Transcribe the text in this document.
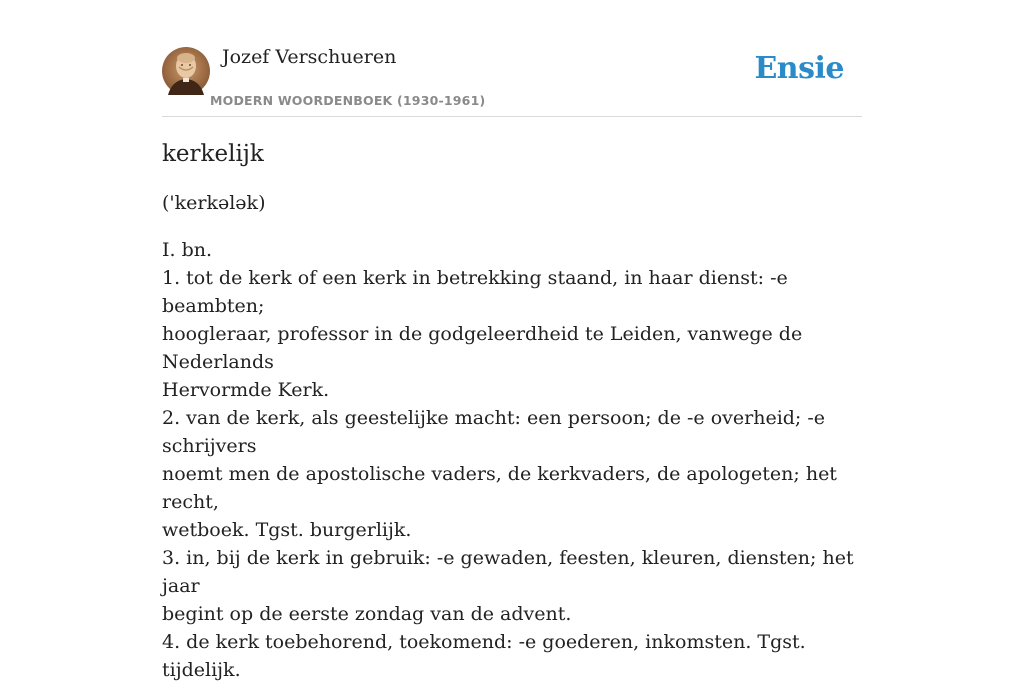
Jozef Verschueren
MODERN WOORDENBOEK (1930-1961)
Ensie
kerkelijk
('kerkələk)
I. bn.
1. tot de kerk of een kerk in betrekking staand, in haar dienst: -e beambten;
hoogleraar, professor in de godgeleerdheid te Leiden, vanwege de Nederlands
Hervormde Kerk.
2. van de kerk, als geestelijke macht: een persoon; de -e overheid; -e schrijvers
noemt men de apostolische vaders, de kerkvaders, de apologeten; het recht,
wetboek. Tgst. burgerlijk.
3. in, bij de kerk in gebruik: -e gewaden, feesten, kleuren, diensten; het jaar
begint op de eerste zondag van de advent.
4. de kerk toebehorend, toekomend: -e goederen, inkomsten. Tgst. tijdelijk.
